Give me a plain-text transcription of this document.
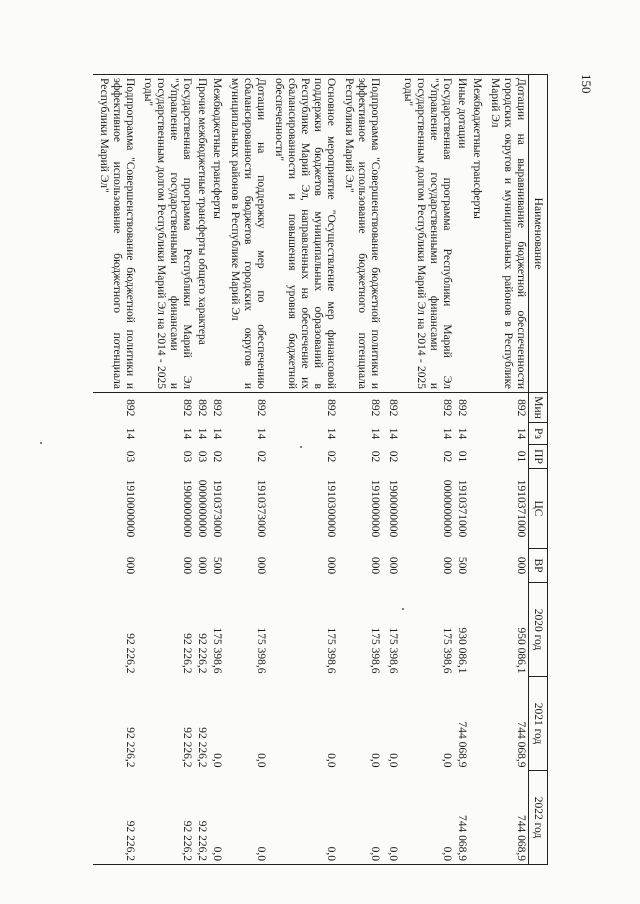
150
Наименование	Мин	Рз	ПР	ЦС	ВР	2020 год	2021 год	2022 год
Дотации на выравнивание бюджетной обеспеченности городских округов и муниципальных районов в Республике Марий Эл	892	14	01	1910371000	000	950 086,1	744 068,9	744 068,9
Межбюджетные трансферты								
Иные дотации	892	14	01	1910371000	500	930 086,1	744 068,9	744 068,9
Государственная программа Республики Марий Эл "Управление государственными финансами и государственным долгом Республики Марий Эл на 2014 - 2025 годы"	892	14	02	0000000000	000	175 398,6	0,0	0,0
	892	14	02	1900000000	000	175 398,6	0,0	0,0
Подпрограмма "Совершенствование бюджетной политики и эффективное использование бюджетного потенциала Республики Марий Эл"	892	14	02	1910000000	000	175 398,6	0,0	0,0
Основное мероприятие "Осуществление мер финансовой поддержки бюджетов муниципальных образований в Республике Марий Эл, направленных на обеспечение их сбалансированности и повышения уровня бюджетной обеспеченности"	892	14	02	1910300000	000	175 398,6	0,0	0,0
Дотации на поддержку мер по обеспечению сбалансированности бюджетов городских округов и муниципальных районов в Республике Марий Эл	892	14	02	1910373000	000	175 398,6	0,0	0,0
Межбюджетные трансферты	892	14	02	1910373000	500	175 398,6	0,0	0,0
Прочие межбюджетные трансферты общего характера	892	14	03	0000000000	000	92 226,2	92 226,2	92 226,2
Государственная программа Республики Марий Эл "Управление государственными финансами и государственным долгом Республики Марий Эл на 2014 - 2025 годы"	892	14	03	1900000000	000	92 226,2	92 226,2	92 226,2
Подпрограмма "Совершенствование бюджетной политики и эффективное использование бюджетного потенциала Республики Марий Эл"	892	14	03	1910000000	000	92 226,2	92 226,2	92 226,2
